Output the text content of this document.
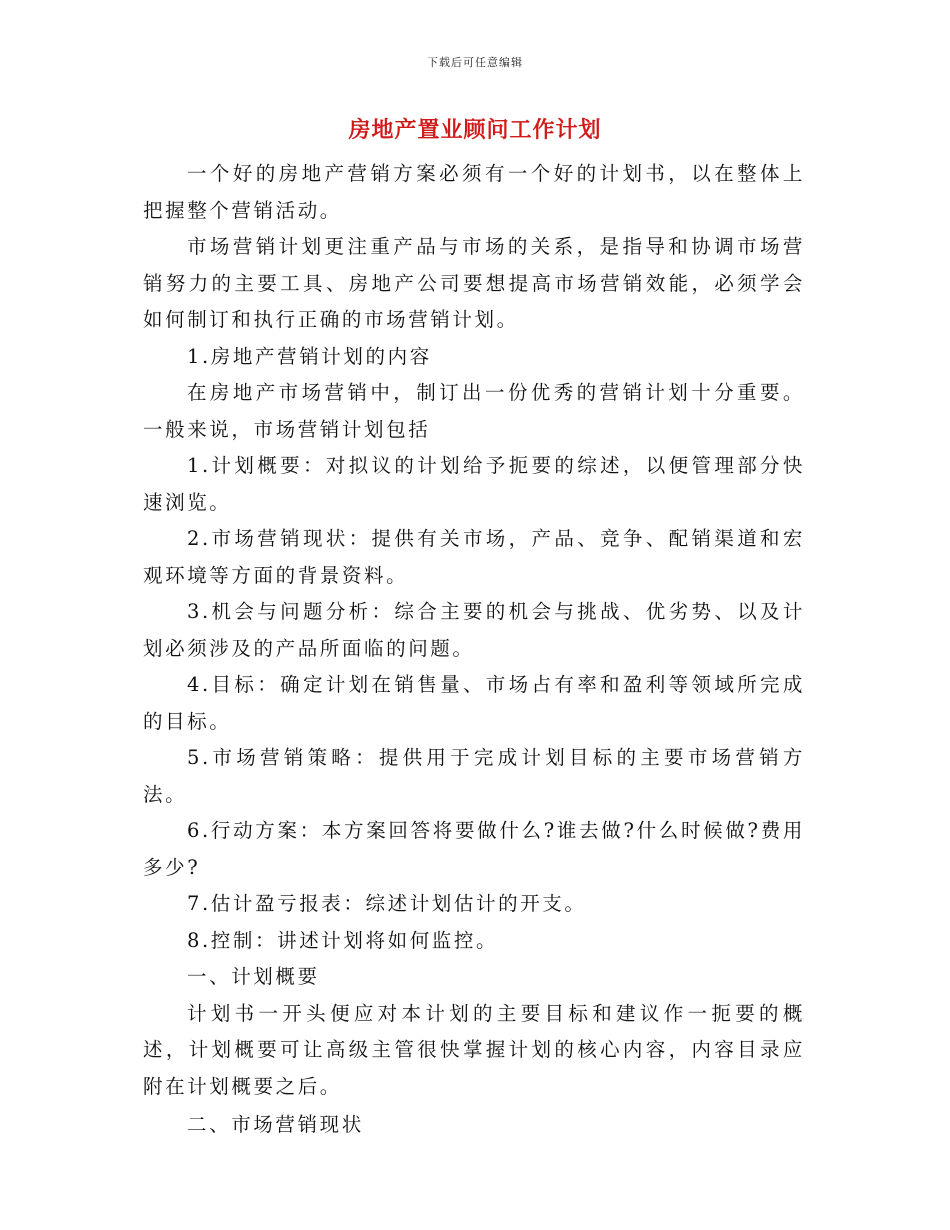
下载后可任意编辑
房地产置业顾问工作计划

一个好的房地产营销方案必须有一个好的计划书，以在整体上把握整个营销活动。

市场营销计划更注重产品与市场的关系，是指导和协调市场营销努力的主要工具、房地产公司要想提高市场营销效能，必须学会如何制订和执行正确的市场营销计划。

1.房地产营销计划的内容

在房地产市场营销中，制订出一份优秀的营销计划十分重要。一般来说，市场营销计划包括

1.计划概要：对拟议的计划给予扼要的综述，以便管理部分快速浏览。

2.市场营销现状：提供有关市场，产品、竞争、配销渠道和宏观环境等方面的背景资料。

3.机会与问题分析：综合主要的机会与挑战、优劣势、以及计划必须涉及的产品所面临的问题。

4.目标：确定计划在销售量、市场占有率和盈利等领域所完成的目标。

5.市场营销策略：提供用于完成计划目标的主要市场营销方法。

6.行动方案：本方案回答将要做什么?谁去做?什么时候做?费用多少?

7.估计盈亏报表：综述计划估计的开支。

8.控制：讲述计划将如何监控。

一、计划概要

计划书一开头便应对本计划的主要目标和建议作一扼要的概述，计划概要可让高级主管很快掌握计划的核心内容，内容目录应附在计划概要之后。

二、市场营销现状
